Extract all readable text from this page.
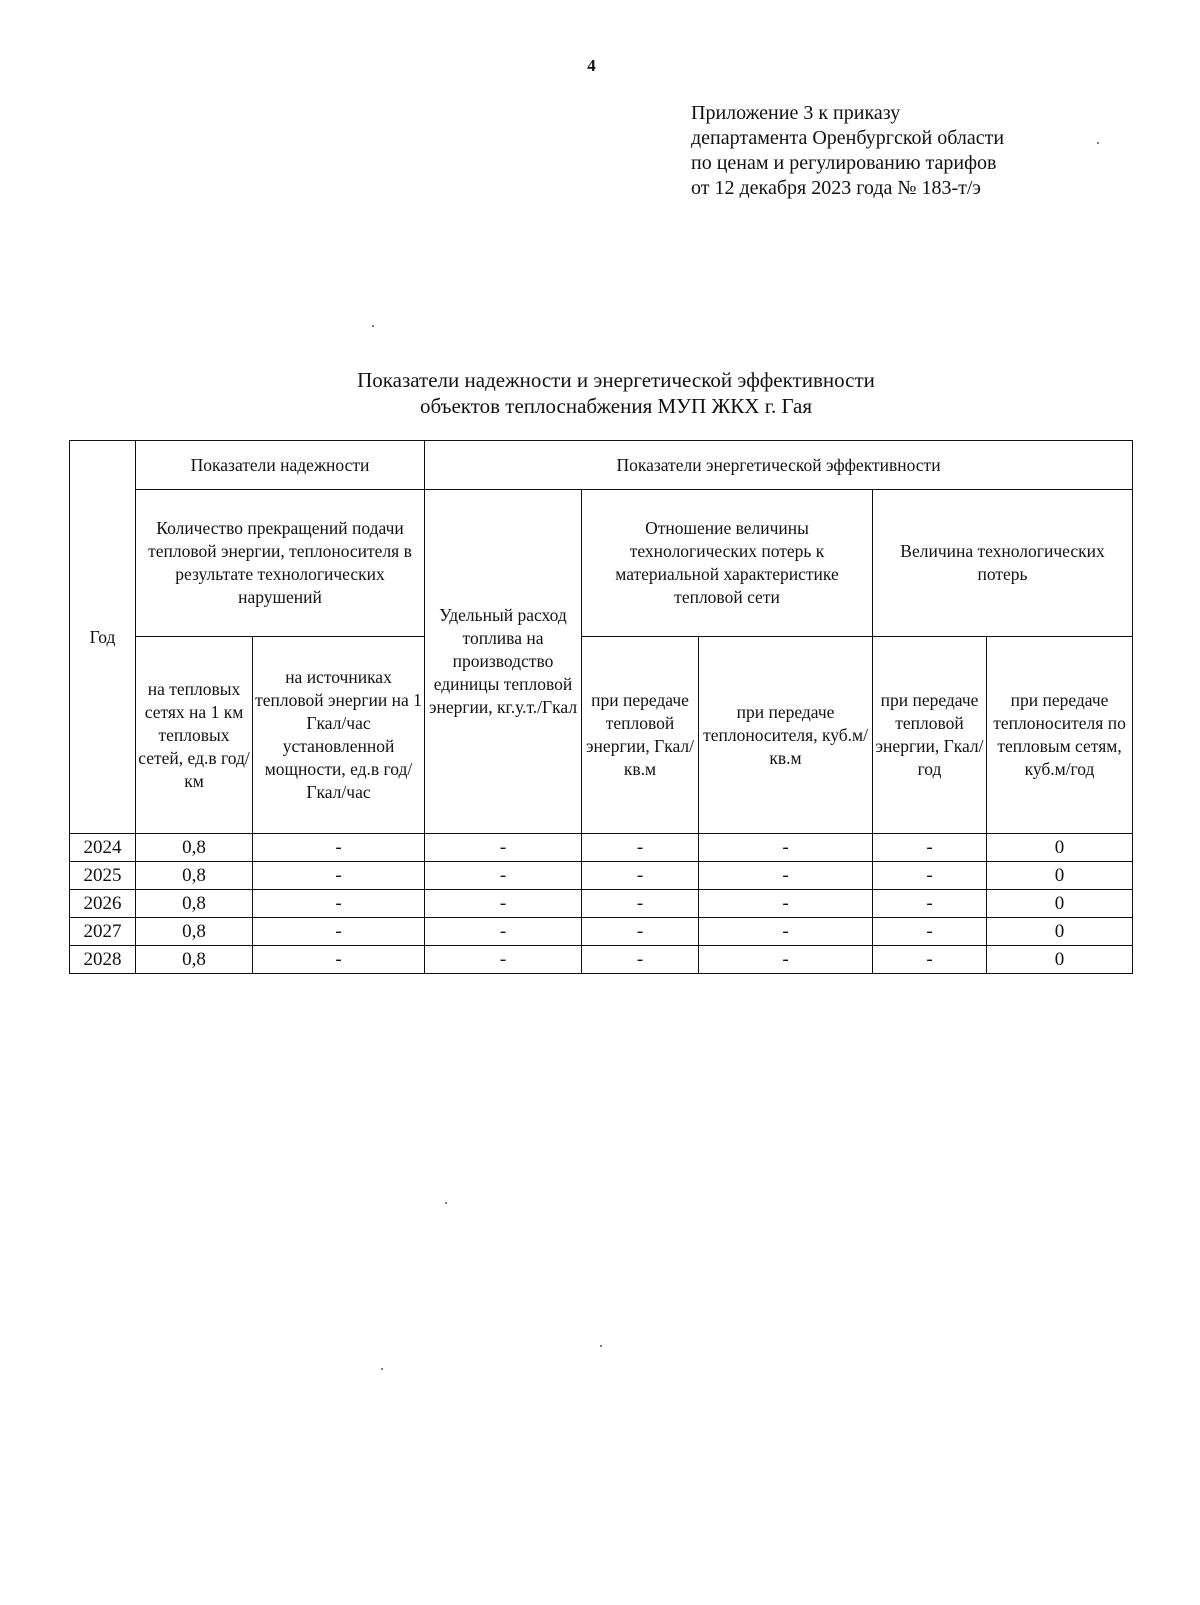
4
Приложение 3 к приказу
департамента Оренбургской области
по ценам и регулированию тарифов
от 12 декабря 2023 года № 183-т/э
Показатели надежности и энергетической эффективности
объектов теплоснабжения МУП ЖКХ г. Гая
Год	Показатели надежности		Показатели энергетической эффективности				
	Количество прекращений подачи тепловой энергии, теплоносителя в результате технологических нарушений		Удельный расход топлива на производство единицы тепловой энергии, кг.у.т./Гкал	Отношение величины технологических потерь к материальной характеристике тепловой сети		Величина технологических потерь	
	на тепловых сетях на 1 км тепловых сетей, ед.в год/км	на источниках тепловой энергии на 1 Гкал/час установленной мощности, ед.в год/Гкал/час		при передаче тепловой энергии, Гкал/кв.м	при передаче теплоносителя, куб.м/кв.м	при передаче тепловой энергии, Гкал/год	при передаче теплоносителя по тепловым сетям, куб.м/год
2024	0,8	-	-	-	-	-	0
2025	0,8	-	-	-	-	-	0
2026	0,8	-	-	-	-	-	0
2027	0,8	-	-	-	-	-	0
2028	0,8	-	-	-	-	-	0
